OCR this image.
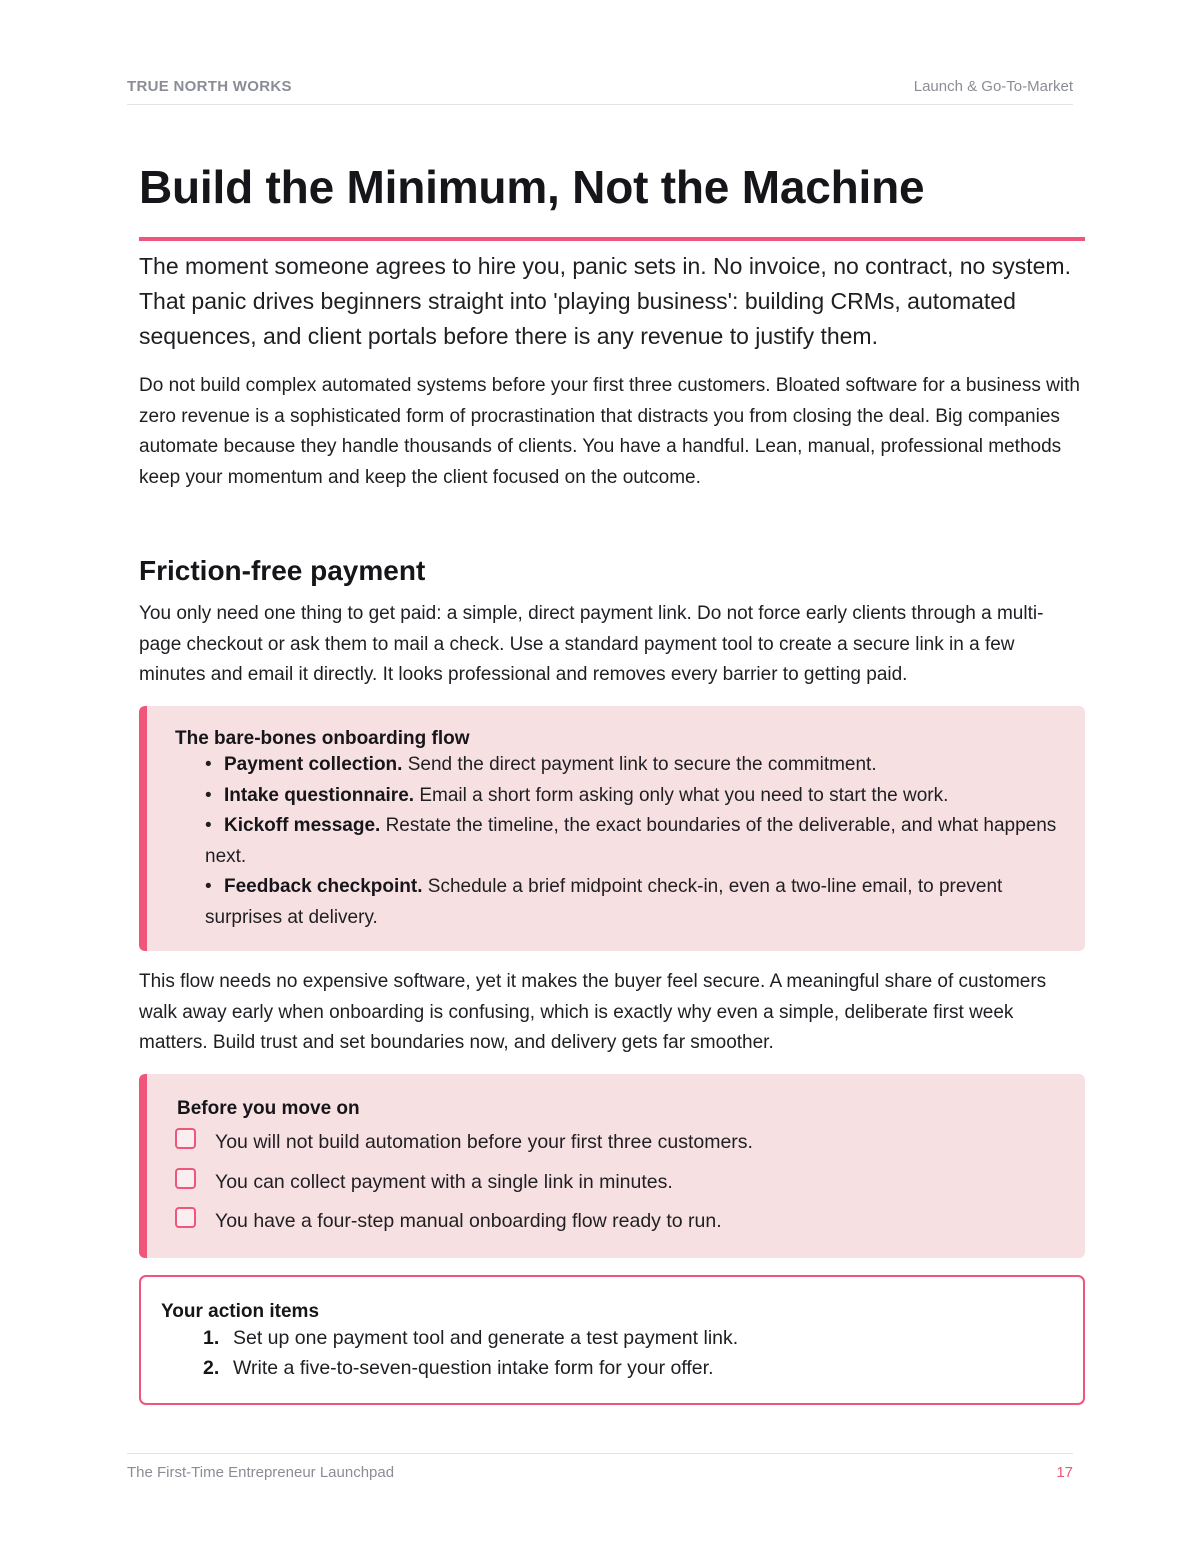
TRUE NORTH WORKS	Launch & Go-To-Market
Build the Minimum, Not the Machine

The moment someone agrees to hire you, panic sets in. No invoice, no contract, no system. That panic drives beginners straight into 'playing business': building CRMs, automated sequences, and client portals before there is any revenue to justify them.

Do not build complex automated systems before your first three customers. Bloated software for a business with zero revenue is a sophisticated form of procrastination that distracts you from closing the deal. Big companies automate because they handle thousands of clients. You have a handful. Lean, manual, professional methods keep your momentum and keep the client focused on the outcome.

Friction-free payment

You only need one thing to get paid: a simple, direct payment link. Do not force early clients through a multi-page checkout or ask them to mail a check. Use a standard payment tool to create a secure link in a few minutes and email it directly. It looks professional and removes every barrier to getting paid.

The bare-bones onboarding flow
• Payment collection. Send the direct payment link to secure the commitment.
• Intake questionnaire. Email a short form asking only what you need to start the work.
• Kickoff message. Restate the timeline, the exact boundaries of the deliverable, and what happens next.
• Feedback checkpoint. Schedule a brief midpoint check-in, even a two-line email, to prevent surprises at delivery.

This flow needs no expensive software, yet it makes the buyer feel secure. A meaningful share of customers walk away early when onboarding is confusing, which is exactly why even a simple, deliberate first week matters. Build trust and set boundaries now, and delivery gets far smoother.

Before you move on
You will not build automation before your first three customers.
You can collect payment with a single link in minutes.
You have a four-step manual onboarding flow ready to run.
Your action items
1. Set up one payment tool and generate a test payment link.
2. Write a five-to-seven-question intake form for your offer.
The First-Time Entrepreneur Launchpad	17
